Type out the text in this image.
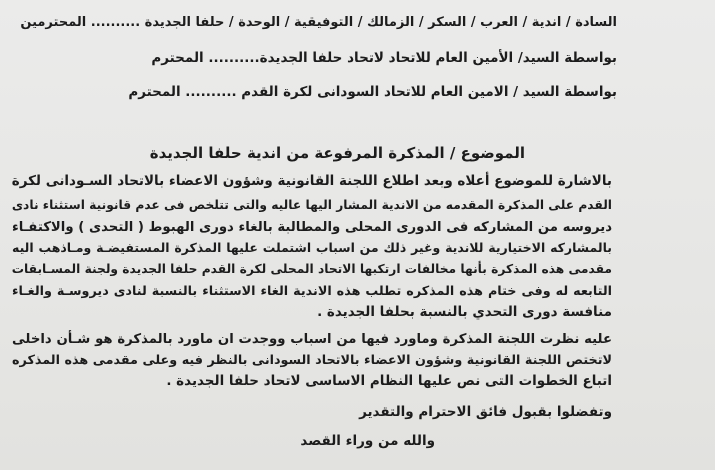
السادة / اندية / العرب / السكر / الزمالك / التوفيقية / الوحدة / حلفا الجديدة .......... المحترمين
بواسطة السيد/ الأمين العام للاتحاد لاتحاد حلفا الجديدة.......... المحترم
بواسطة السيد / الامين العام للاتحاد السودانى لكرة القدم .......... المحترم
الموضوع / المذكرة المرفوعة من اندية حلفا الجديدة
بالاشارة للموضوع أعلاه وبعد اطلاع اللجنة القانونية وشؤون الاعضاء بالاتحاد السـودانى لكرة
القدم على المذكرة المقدمه من الاندية المشار اليها عاليه والتى تتلخص فى عدم قانونية استثناء نادى
ديروسه من المشاركه فى الدورى المحلى والمطالبة بالغاء دورى الهبوط ( التحدى ) والاكتفـاء
بالمشاركه الاختيارية للاندية وغير ذلك من اسباب اشتملت عليها المذكرة المستفيضـة ومـاذهب اليه
مقدمى هذه المذكرة بأنها مخالفات ارتكبها الاتحاد المحلى لكرة القدم حلفا الجديدة ولجنة المسـابقات
التابعه له وفى ختام هذه المذكره تطلب هذه الاندية الغاء الاستثناء بالنسبة لنادى ديروسـة والغـاء
منافسة دورى التحدي بالنسبة بحلفا الجديدة .
عليه نظرت اللجنة المذكرة وماورد فيها من اسباب ووجدت ان ماورد بالمذكرة هو شـأن داخلى
لاتختص اللجنة القانونية وشؤون الاعضاء بالاتحاد السودانى بالنظر فيه وعلى مقدمى هذه المذكره
اتباع الخطوات التى نص عليها النظام الاساسى لاتحاد حلفا الجديدة .
وتفضلوا بقبول فائق الاحترام والتقدير
والله من وراء القصد
